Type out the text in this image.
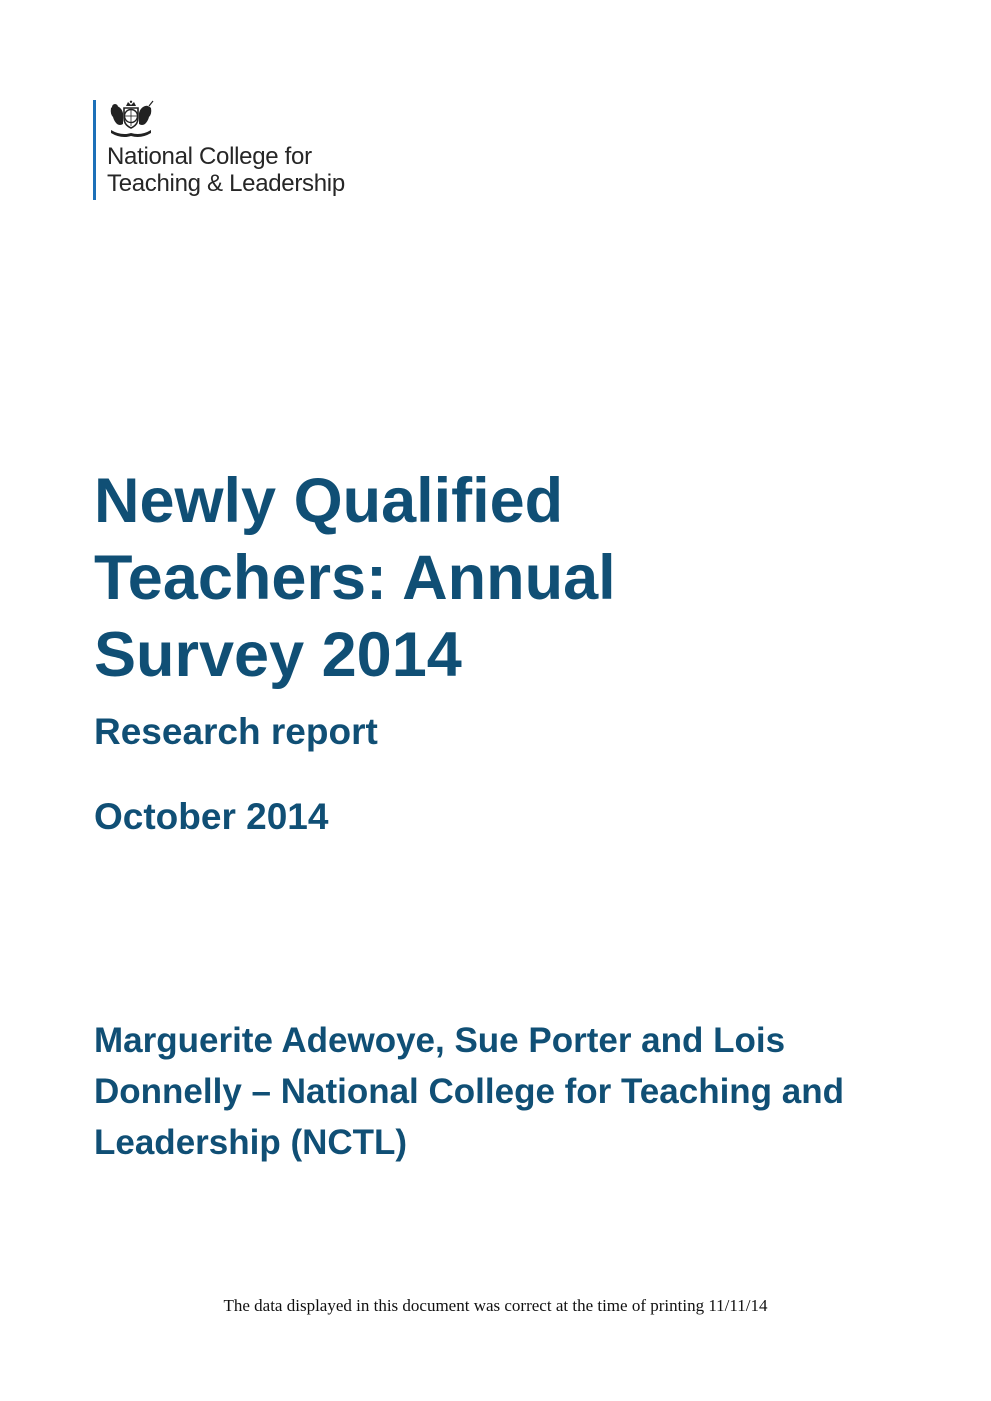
National College for
Teaching & Leadership
Newly Qualified
Teachers: Annual
Survey 2014
Research report
October 2014
Marguerite Adewoye, Sue Porter and Lois
Donnelly – National College for Teaching and
Leadership (NCTL)

The data displayed in this document was correct at the time of printing 11/11/14
